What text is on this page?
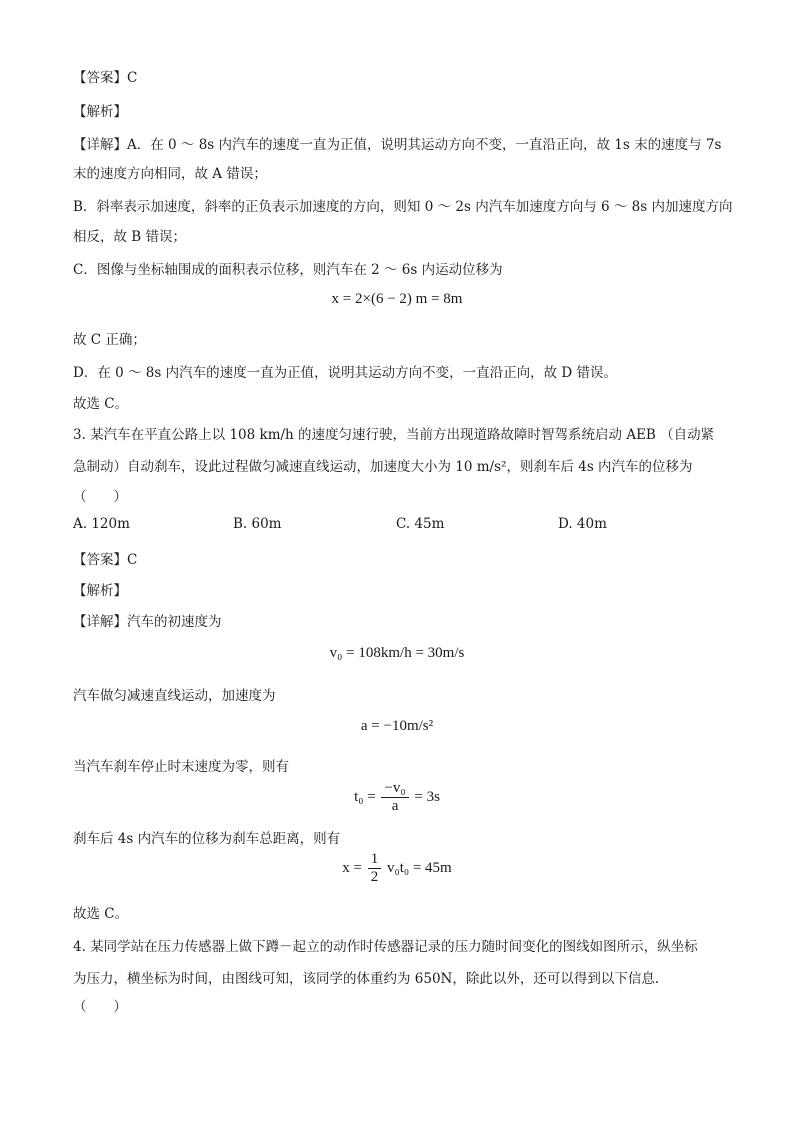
【答案】C
【解析】
【详解】A．在 0 ～ 8s 内汽车的速度一直为正值，说明其运动方向不变，一直沿正向，故 1s 末的速度与 7s
末的速度方向相同，故 A 错误；
B．斜率表示加速度，斜率的正负表示加速度的方向，则知 0 ～ 2s 内汽车加速度方向与 6 ～ 8s 内加速度方向
相反，故 B 错误；
C．图像与坐标轴围成的面积表示位移，则汽车在 2 ～ 6s 内运动位移为
x = 2×(6 − 2) m = 8m
故 C 正确；
D．在 0 ～ 8s 内汽车的速度一直为正值，说明其运动方向不变，一直沿正向，故 D 错误。
故选 C。
3. 某汽车在平直公路上以 108 km/h 的速度匀速行驶，当前方出现道路故障时智驾系统启动 AEB （自动紧
急制动）自动刹车，设此过程做匀减速直线运动，加速度大小为 10 m/s²，则刹车后 4s 内汽车的位移为
（　　）
A. 120m	B. 60m	C. 45m	D. 40m
【答案】C
【解析】
【详解】汽车的初速度为
v₀ = 108km/h = 30m/s
汽车做匀减速直线运动，加速度为
a = −10m/s²
当汽车刹车停止时末速度为零，则有
$t_0 = \frac{\text{−v₀}}{a} = 3s$
刹车后 4s 内汽车的位移为刹车总距离，则有
$x = \frac{1}{2} v_0t_0 = 45m$
故选 C。
4. 某同学站在压力传感器上做下蹲－起立的动作时传感器记录的压力随时间变化的图线如图所示，纵坐标
为压力，横坐标为时间，由图线可知，该同学的体重约为 650N，除此以外，还可以得到以下信息.
（　　）
